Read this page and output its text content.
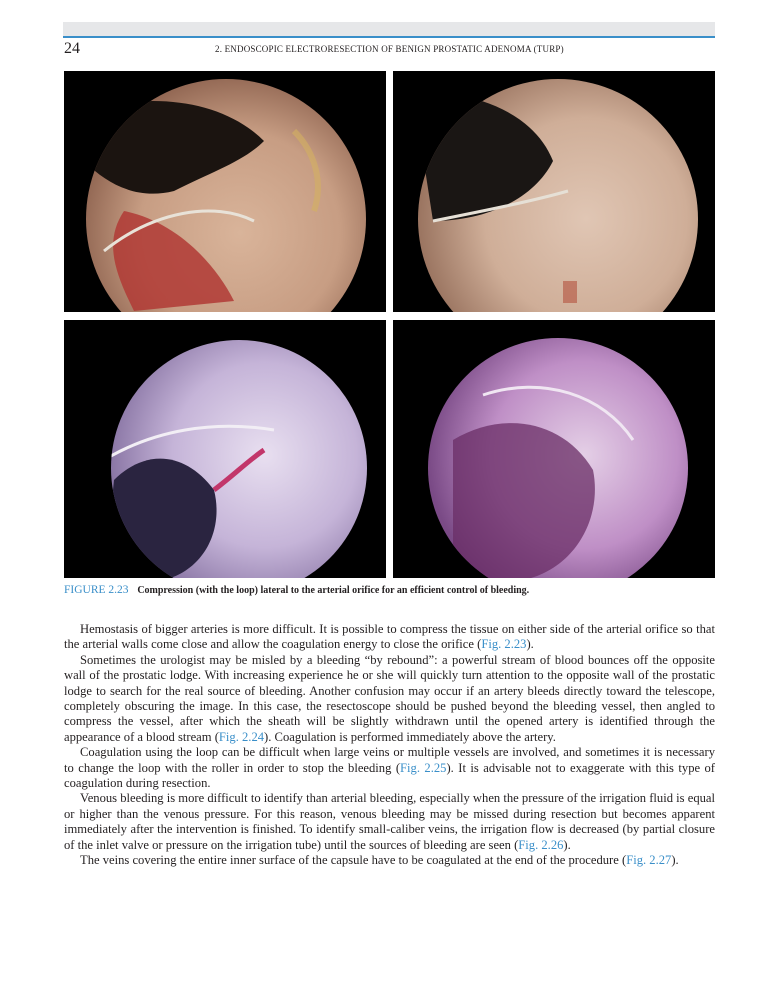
24	2. ENDOSCOPIC ELECTRORESECTION OF BENIGN PROSTATIC ADENOMA (TURP)
FIGURE 2.23 Compression (with the loop) lateral to the arterial orifice for an efficient control of bleeding.

Hemostasis of bigger arteries is more difficult. It is possible to compress the tissue on either side of the arterial orifice so that the arterial walls come close and allow the coagulation energy to close the orifice (Fig. 2.23).

Sometimes the urologist may be misled by a bleeding “by rebound”: a powerful stream of blood bounces off the opposite wall of the prostatic lodge. With increasing experience he or she will quickly turn attention to the opposite wall of the prostatic lodge to search for the real source of bleeding. Another confusion may occur if an artery bleeds directly toward the telescope, completely obscuring the image. In this case, the resectoscope should be pushed beyond the bleeding vessel, then angled to compress the vessel, after which the sheath will be slightly withdrawn until the opened artery is identified through the appearance of a blood stream (Fig. 2.24). Coagulation is performed immediately above the artery.

Coagulation using the loop can be difficult when large veins or multiple vessels are involved, and sometimes it is necessary to change the loop with the roller in order to stop the bleeding (Fig. 2.25). It is advisable not to exaggerate with this type of coagulation during resection.

Venous bleeding is more difficult to identify than arterial bleeding, especially when the pressure of the irrigation fluid is equal or higher than the venous pressure. For this reason, venous bleeding may be missed during resection but becomes apparent immediately after the intervention is finished. To identify small-caliber veins, the irrigation flow is decreased (by partial closure of the inlet valve or pressure on the irrigation tube) until the sources of bleeding are seen (Fig. 2.26).

The veins covering the entire inner surface of the capsule have to be coagulated at the end of the procedure (Fig. 2.27).
